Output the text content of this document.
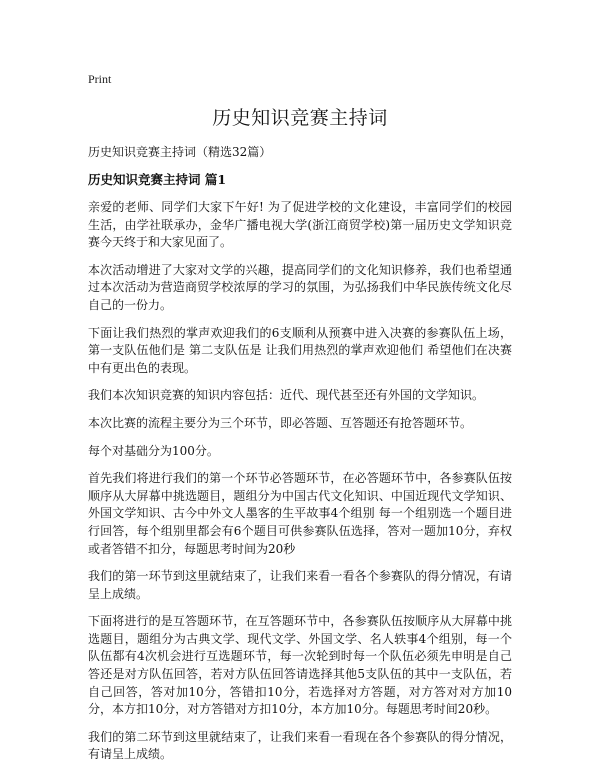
Print
历史知识竞赛主持词
历史知识竞赛主持词（精选32篇）
历史知识竞赛主持词 篇1

亲爱的老师、同学们大家下午好! 为了促进学校的文化建设，丰富同学们的校园生活，由学社联承办，金华广播电视大学(浙江商贸学校)第一届历史文学知识竞赛今天终于和大家见面了。

本次活动增进了大家对文学的兴趣，提高同学们的文化知识修养，我们也希望通过本次活动为营造商贸学校浓厚的学习的氛围，为弘扬我们中华民族传统文化尽自己的一份力。

下面让我们热烈的掌声欢迎我们的6支顺利从预赛中进入决赛的参赛队伍上场， 第一支队伍他们是 第二支队伍是 让我们用热烈的掌声欢迎他们 希望他们在决赛中有更出色的表现。

我们本次知识竞赛的知识内容包括：近代、现代甚至还有外国的文学知识。

本次比赛的流程主要分为三个环节，即必答题、互答题还有抢答题环节。

每个对基础分为100分。

首先我们将进行我们的第一个环节必答题环节，在必答题环节中，各参赛队伍按顺序从大屏幕中挑选题目，题组分为中国古代文化知识、中国近现代文学知识、外国文学知识、古今中外文人墨客的生平故事4个组别 每一个组别选一个题目进行回答，每个组别里都会有6个题目可供参赛队伍选择，答对一题加10分，弃权或者答错不扣分，每题思考时间为20秒

我们的第一环节到这里就结束了，让我们来看一看各个参赛队的得分情况，有请呈上成绩。

下面将进行的是互答题环节，在互答题环节中，各参赛队伍按顺序从大屏幕中挑选题目，题组分为古典文学、现代文学、外国文学、名人轶事4个组别，每一个队伍都有4次机会进行互选题环节，每一次轮到时每一个队伍必须先申明是自己答还是对方队伍回答，若对方队伍回答请选择其他5支队伍的其中一支队伍，若自己回答，答对加10分，答错扣10分，若选择对方答题，对方答对对方加10分，本方扣10分，对方答错对方扣10分，本方加10分。每题思考时间20秒。

我们的第二环节到这里就结束了，让我们来看一看现在各个参赛队的得分情况，有请呈上成绩。
